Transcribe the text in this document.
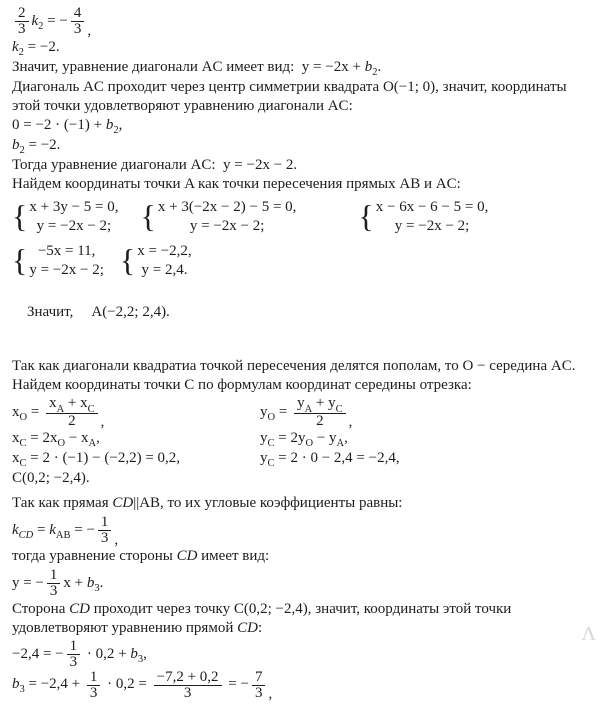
$\frac{2}{3}$ k 2 = − $\frac{4}{3}$ ,
k2 = −2.
Значит, уравнение диагонали AC имеет вид:  y = −2x + b2.
Диагональ AC проходит через центр симметрии квадрата O(−1; 0), значит, координаты
этой точки удовлетворяют уравнению диагонали AC:
0 = −2 · (−1) + b2,
b2 = −2.
Тогда уравнение диагонали AC:  y = −2x − 2.
Найдем координаты точки A как точки пересечения прямых AB и AC:
{ x + 3y − 5 = 0,
y = −2x − 2; { x + 3(−2x − 2) − 5 = 0,
y = −2x − 2;	{ x − 6x − 6 − 5 = 0,
y = −2x − 2;
{ −5x = 11,
y = −2x − 2; { x = −2,2,
y = 2,4.

Значит, A(−2,2; 2,4).

Так как диагонали квадратиа точкой пересечения делятся пополам, то O − середина AC.
Найдем координаты точки C по формулам координат середины отрезка:
x $O = \frac{xA + xC}{2}$ ,
xC = 2xO − xA,
xC = 2 · (−1) − (−2,2) = 0,2,
C(0,2; −2,4).
y $O = \frac{yA + yC}{2}$ ,
yC = 2yO − yA,
yC = 2 · 0 − 2,4 = −2,4,
Так как прямая CD||AB, то их угловые коэффициенты равны:
k CD = k AB = − $\frac{1}{3}$ ,
тогда уравнение стороны CD имеет вид:
y = − $\frac{1}{3}$ x + b 3 .
Сторона CD проходит через точку C(0,2; −2,4), значит, координаты этой точки
удовлетворяют уравнению прямой CD:
−2,4 = − $\frac{1}{3} \cdot 0,2 + b$ 3 ,
b $3 = -2,4 + \frac{1}{3} \cdot 0,2 = \frac{-7,2 + 0,2}{3}$ = − $\frac{7}{3}$ ,
Λ
